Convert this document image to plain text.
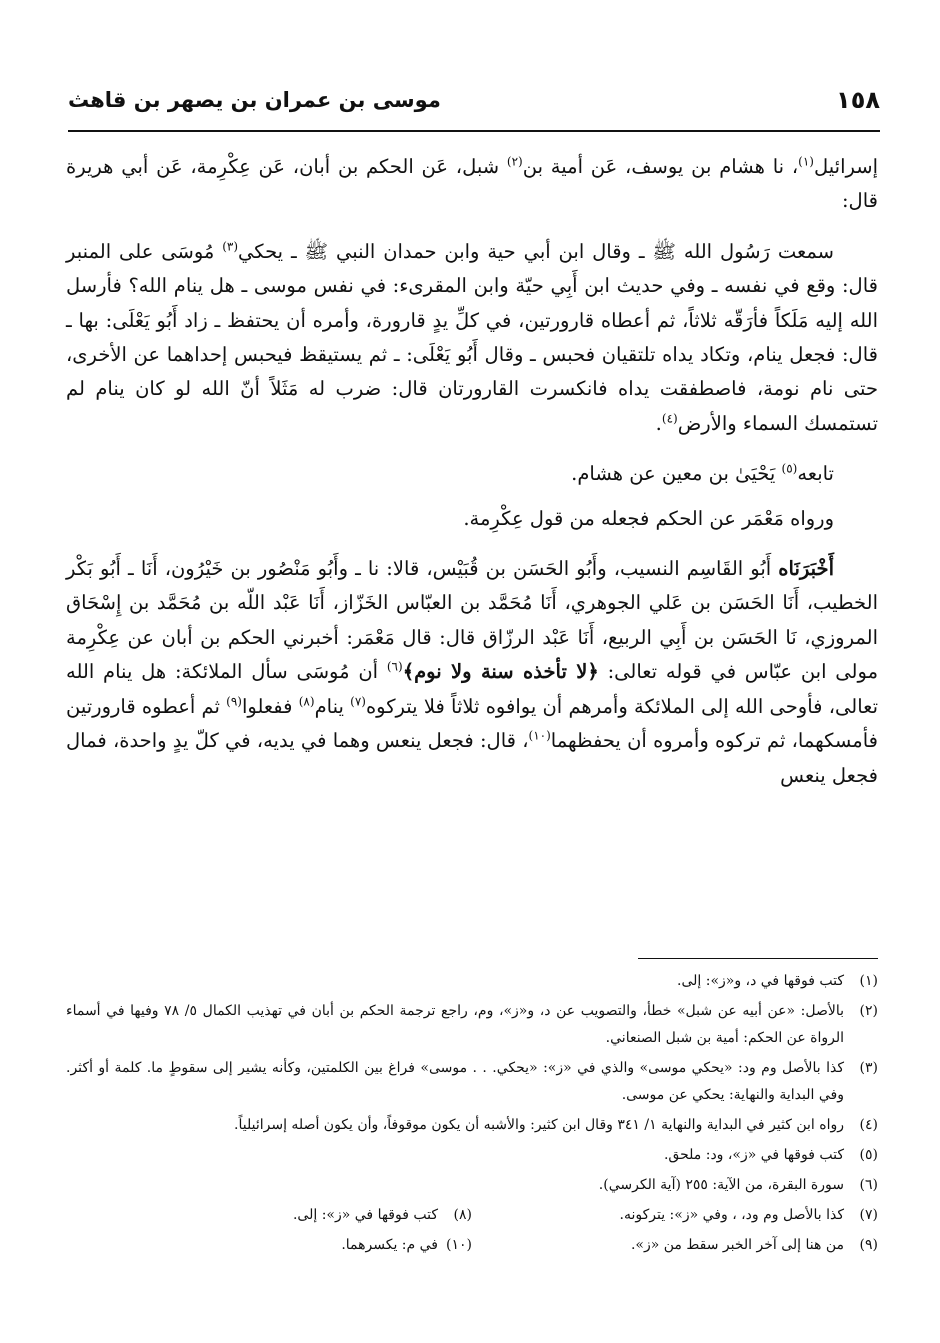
١٥٨
موسى بن عمران بن يصهر بن قاهث

إسرائيل$^{(١)}$، نا هشام بن يوسف، عَن أمية بن$^{(٢)}$ شبل، عَن الحكم بن أبان، عَن عِكْرِمة، عَن أبي هريرة قال:

سمعت رَسُول الله ﷺ ـ وقال ابن أبي حية وابن حمدان النبي ﷺ ـ يحكي$^{(٣)}$ مُوسَى على المنبر قال: وقع في نفسه ـ وفي حديث ابن أَبِي حيّة وابن المقرىء: في نفس موسى ـ هل ينام الله؟ فأرسل الله إليه مَلَكاً فأرَقّه ثلاثاً، ثم أعطاه قارورتين، في كلِّ يدٍ قارورة، وأمره أن يحتفظ ـ زاد أَبُو يَعْلَى: بها ـ قال: فجعل ينام، وتكاد يداه تلتقيان فحبس ـ وقال أَبُو يَعْلَى: ـ ثم يستيقظ فيحبس إحداهما عن الأخرى، حتى نام نومة، فاصطفقت يداه فانكسرت القارورتان قال: ضرب له مَثَلاً أنّ الله لو كان ينام لم تستمسك السماء والأرض$^{(٤)}$.

تابعه$^{(٥)}$ يَحْيَىٰ بن معين عن هشام.

ورواه مَعْمَر عن الحكم فجعله من قول عِكْرِمة.

أَخْبَرَنَاه أَبُو القَاسِم النسيب، وأَبُو الحَسَن بن قُبَيْس، قالا: نا ـ وأَبُو مَنْصُور بن خَيْرُون، أَنَا ـ أَبُو بَكْر الخطيب، أَنَا الحَسَن بن عَلي الجوهري، أَنَا مُحَمَّد بن العبّاس الخَزّاز، أَنَا عَبْد اللّه بن مُحَمَّد بن إِسْحَاق المروزي، نَا الحَسَن بن أَبِي الربيع، أَنَا عَبْد الرزّاق قال: قال مَعْمَر: أخبرني الحكم بن أبان عن عِكْرِمة مولى ابن عبّاس في قوله تعالى: ﴿لا تأخذه سنة ولا نوم﴾$^{(٦)}$ أن مُوسَى سأل الملائكة: هل ينام الله تعالى، فأوحى الله إلى الملائكة وأمرهم أن يوافوه ثلاثاً فلا يتركوه$^{(٧)}$ ينام$^{(٨)}$ ففعلوا$^{(٩)}$ ثم أعطوه قارورتين فأمسكهما، ثم تركوه وأمروه أن يحفظهما$^{(١٠)}$، قال: فجعل ينعس وهما في يديه، في كلّ يدٍ واحدة، فمال فجعل ينعس

(١)
كتب فوقها في د، و«ز»: إلى.
(٢)
بالأصل: «عن أبيه عن شبل» خطأ، والتصويب عن د، و«ز»، وم، راجع ترجمة الحكم بن أبان في تهذيب الكمال ٥/ ٧٨ وفيها في أسماء الرواة عن الحكم: أمية بن شبل الصنعاني.
(٣)
كذا بالأصل وم ود: «يحكي موسى» والذي في «ز»: «يحكي. . . موسى» فراغ بين الكلمتين، وكأنه يشير إلى سقوطٍ ما. كلمة أو أكثر. وفي البداية والنهاية: يحكي عن موسى.
(٤)
رواه ابن كثير في البداية والنهاية ١/ ٣٤١ وقال ابن كثير: والأشبه أن يكون موقوفاً، وأن يكون أصله إسرائيلياً.
(٥)
كتب فوقها في «ز»، ود: ملحق.
(٦)
سورة البقرة، من الآية: ٢٥٥ (آية الكرسي).
(٧)
كذا بالأصل وم ود، ، وفي «ز»: يتركونه.
(٨)
كتب فوقها في «ز»: إلى.
(٩)
من هنا إلى آخر الخبر سقط من «ز».
(١٠)
في م: يكسرهما.
